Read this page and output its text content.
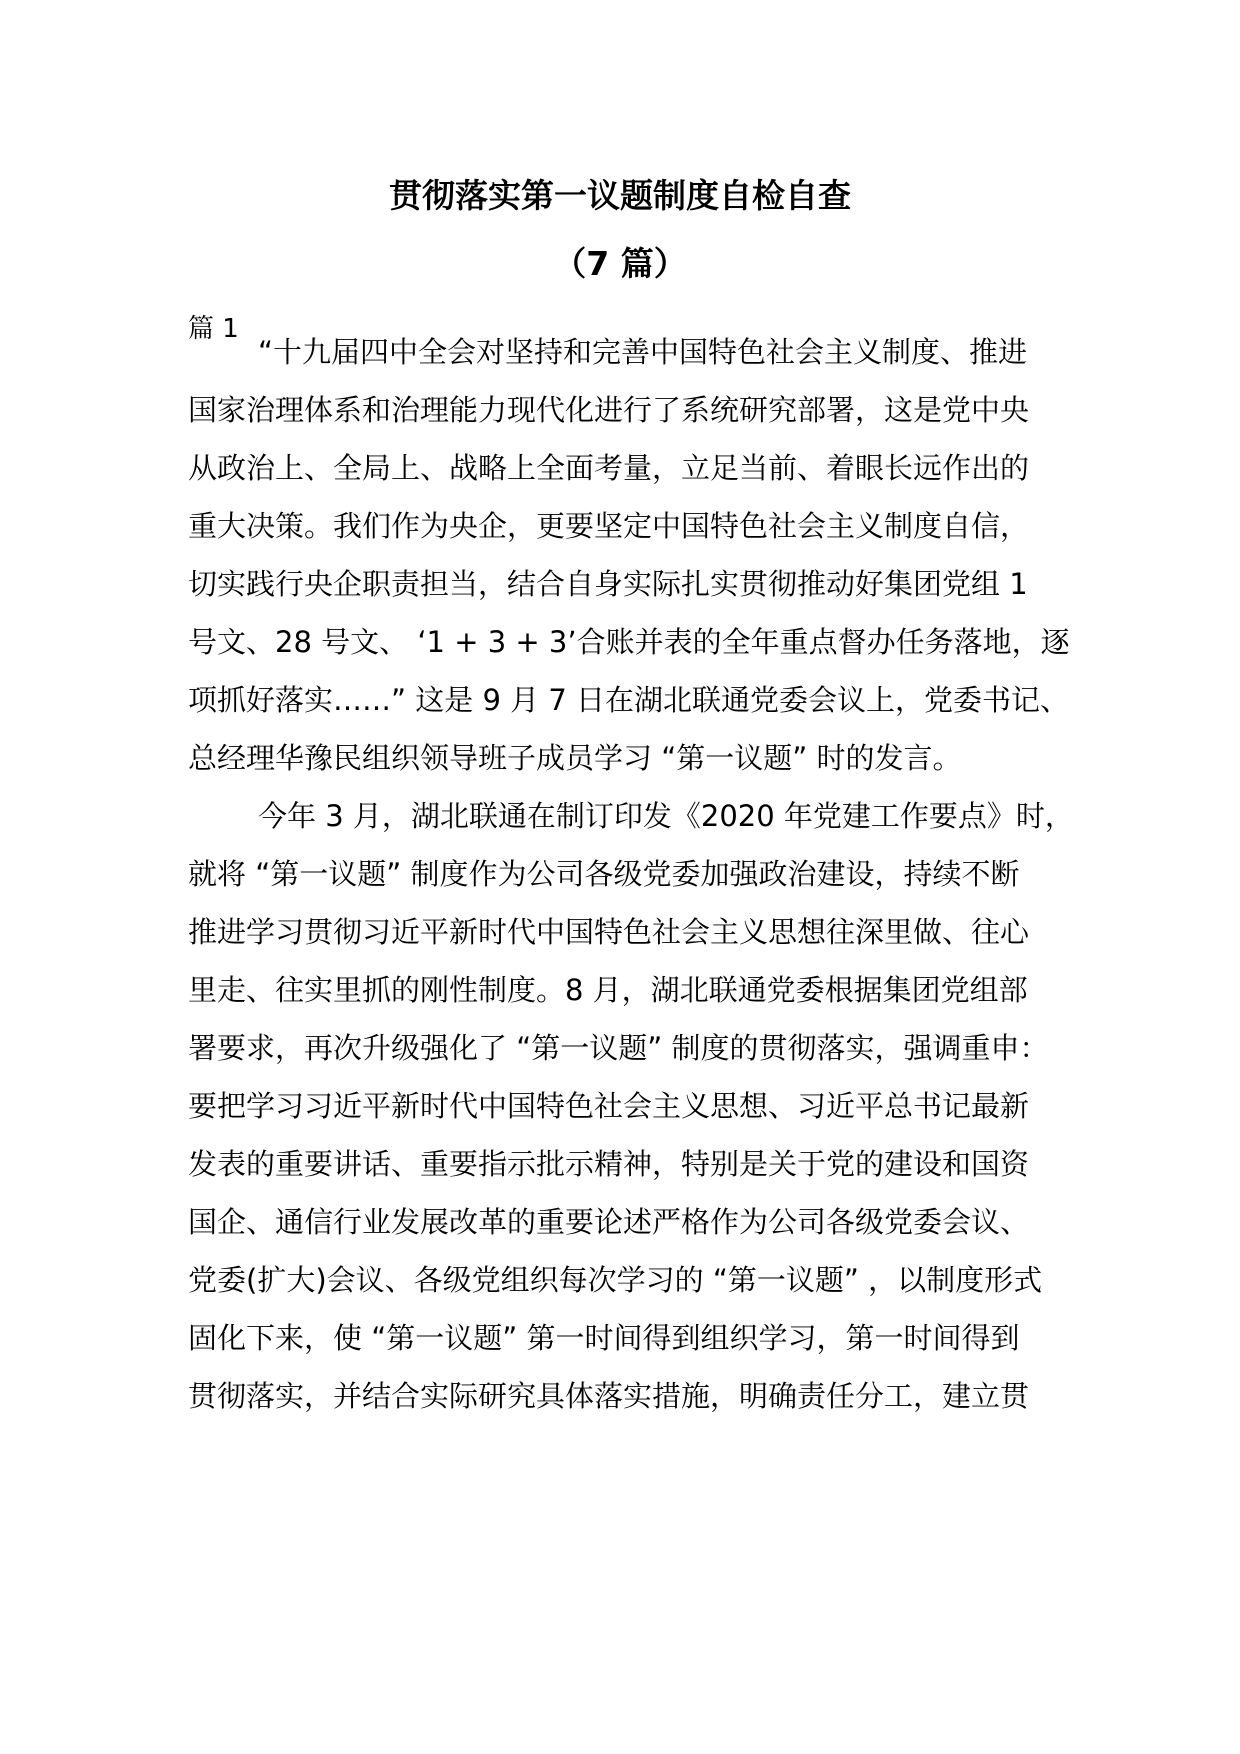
贯彻落实第一议题制度自检自查
（7 篇）
篇 1
“十九届四中全会对坚持和完善中国特色社会主义制度、推进
国家治理体系和治理能力现代化进行了系统研究部署，这是党中央
从政治上、全局上、战略上全面考量，立足当前、着眼长远作出的
重大决策。我们作为央企，更要坚定中国特色社会主义制度自信，
切实践行央企职责担当，结合自身实际扎实贯彻推动好集团党组 1
号文、28 号文、 ‘1 + 3 + 3’合账并表的全年重点督办任务落地，逐
项抓好落实……” 这是 9 月 7 日在湖北联通党委会议上，党委书记、
总经理华豫民组织领导班子成员学习 “第一议题” 时的发言。
今年 3 月，湖北联通在制订印发《2020 年党建工作要点》时，
就将 “第一议题” 制度作为公司各级党委加强政治建设，持续不断
推进学习贯彻习近平新时代中国特色社会主义思想往深里做、往心
里走、往实里抓的刚性制度。8 月，湖北联通党委根据集团党组部
署要求，再次升级强化了 “第一议题” 制度的贯彻落实，强调重申：
要把学习习近平新时代中国特色社会主义思想、习近平总书记最新
发表的重要讲话、重要指示批示精神，特别是关于党的建设和国资
国企、通信行业发展改革的重要论述严格作为公司各级党委会议、
党委(扩大)会议、各级党组织每次学习的 “第一议题” ，以制度形式
固化下来，使 “第一议题” 第一时间得到组织学习，第一时间得到
贯彻落实，并结合实际研究具体落实措施，明确责任分工，建立贯
